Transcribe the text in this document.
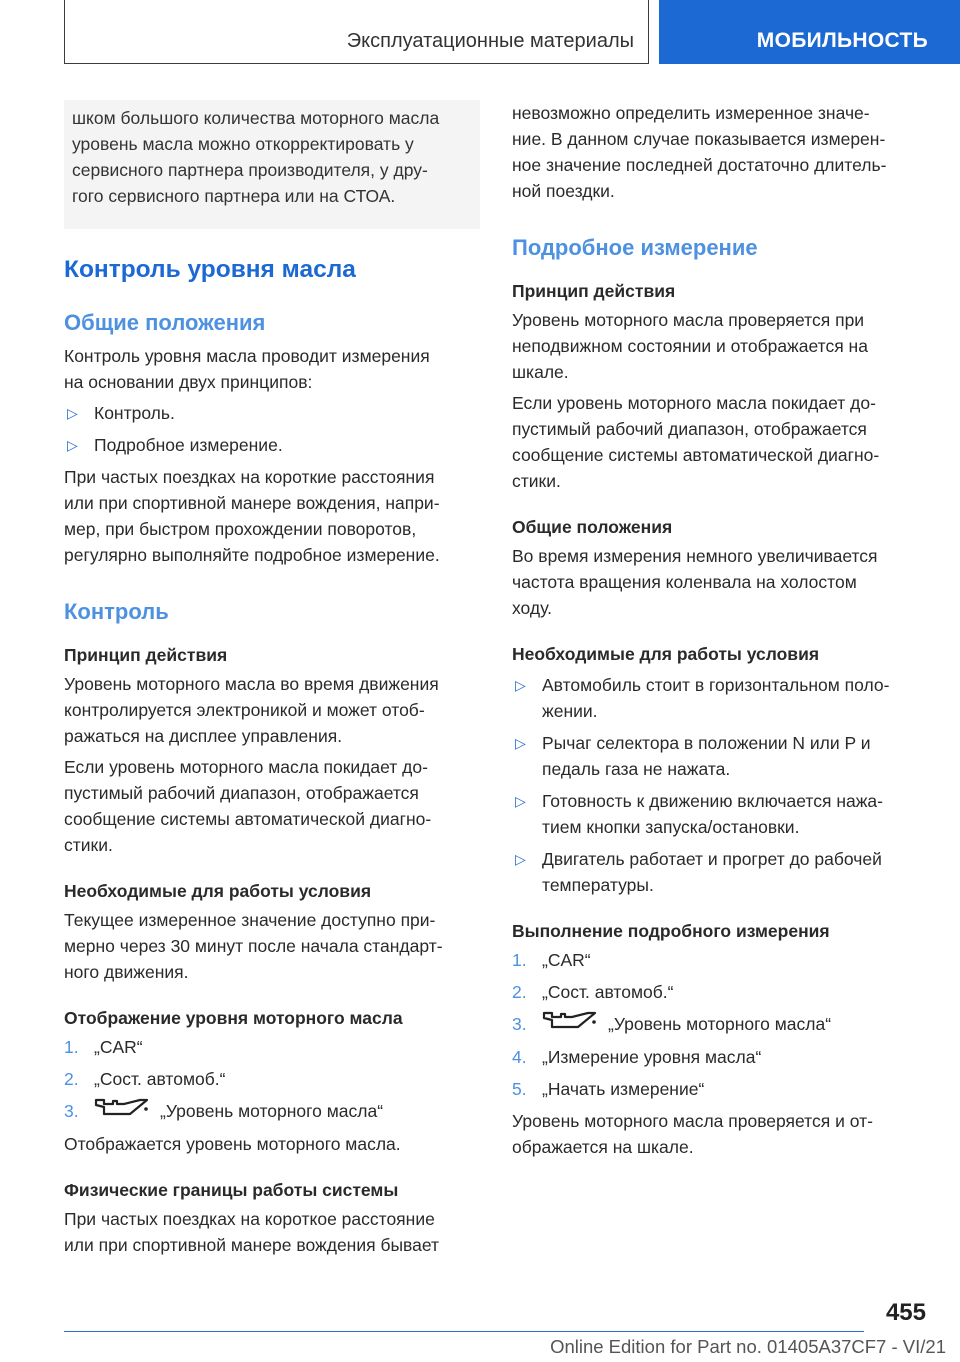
Эксплуатационные материалы	МОБИЛЬНОСТЬ

шком большого количества моторного масла

уровень масла можно откорректировать у

сервисного партнера производителя, у дру-

гого сервисного партнера или на СТОА.

Контроль уровня масла
Общие положения
Контроль уровня масла проводит измерения
на основании двух принципов:
▷ Контроль.
▷ Подробное измерение.
При частых поездках на короткие расстояния
или при спортивной манере вождения, напри-
мер, при быстром прохождении поворотов,
регулярно выполняйте подробное измерение.
Контроль
Принцип действия
Уровень моторного масла во время движения
контролируется электроникой и может отоб-
ражаться на дисплее управления.
Если уровень моторного масла покидает до-
пустимый рабочий диапазон, отображается
сообщение системы автоматической диагно-
стики.
Необходимые для работы условия
Текущее измеренное значение доступно при-
мерно через 30 минут после начала стандарт-
ного движения.
Отображение уровня моторного масла
1. „CAR“
2. „Сост. автомоб.“
3.	„Уровень моторного масла“
Отображается уровень моторного масла.
Физические границы работы системы
При частых поездках на короткое расстояние
или при спортивной манере вождения бывает
невозможно определить измеренное значе-
ние. В данном случае показывается измерен-
ное значение последней достаточно длитель-
ной поездки.
Подробное измерение
Принцип действия
Уровень моторного масла проверяется при
неподвижном состоянии и отображается на
шкале.
Если уровень моторного масла покидает до-
пустимый рабочий диапазон, отображается
сообщение системы автоматической диагно-
стики.
Общие положения
Во время измерения немного увеличивается
частота вращения коленвала на холостом
ходу.
Необходимые для работы условия
▷ Автомобиль стоит в горизонтальном поло-
жении.
▷ Рычаг селектора в положении N или P и
педаль газа не нажата.
▷ Готовность к движению включается нажа-
тием кнопки запуска/остановки.
▷ Двигатель работает и прогрет до рабочей
температуры.
Выполнение подробного измерения
1. „CAR“
2. „Сост. автомоб.“
3.	„Уровень моторного масла“
4. „Измерение уровня масла“
5. „Начать измерение“
Уровень моторного масла проверяется и от-
ображается на шкале.
455
Online Edition for Part no. 01405A37CF7 - VI/21
